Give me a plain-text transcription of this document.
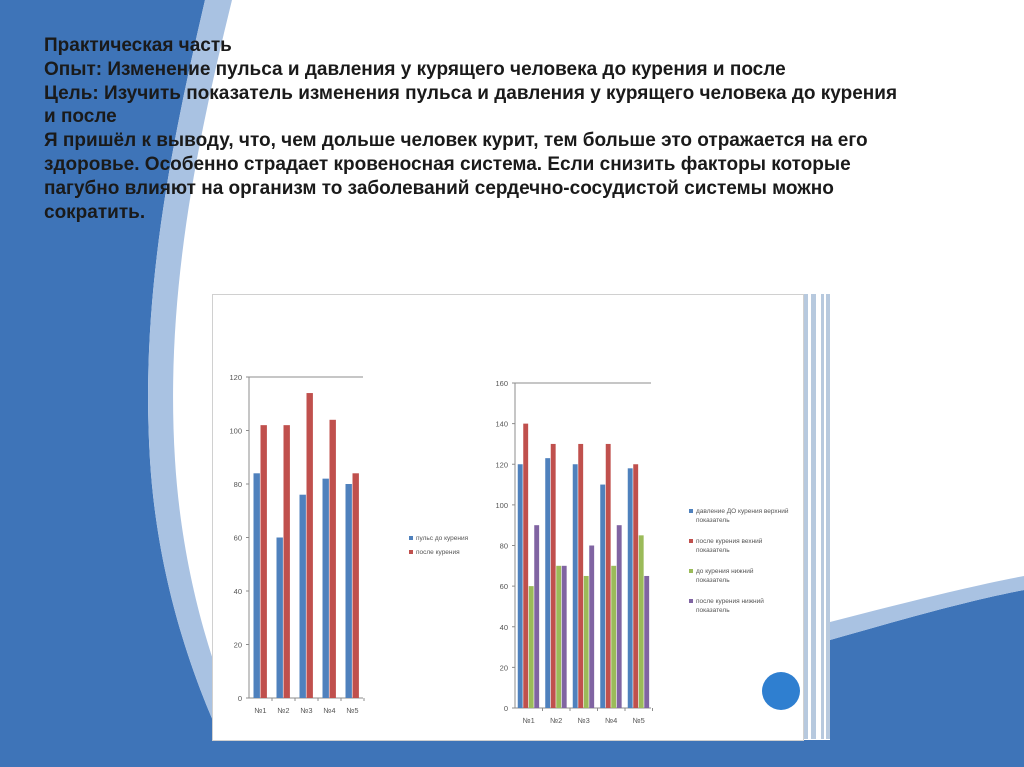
Практическая часть

Опыт: Изменение пульса и давления у курящего человека до курения и после

Цель: Изучить показатель изменения пульса и давления у курящего человека до курения и после

Я пришёл к выводу, что, чем дольше человек курит, тем больше это отражается на его здоровье. Особенно страдает кровеносная система. Если снизить факторы которые пагубно влияют на организм то заболеваний сердечно-сосудистой системы можно сократить.

0
20
40
60
80
100
120
№1 №2 №3 №4 №5
пульс до курения
после курения
0
20
40
60
80
100
120
140
160
№1 №2 №3 №4 №5
давление ДО курения верхний показатель
после курения вехний показатель
до курения нижний показатель
после курения нижний показатель
